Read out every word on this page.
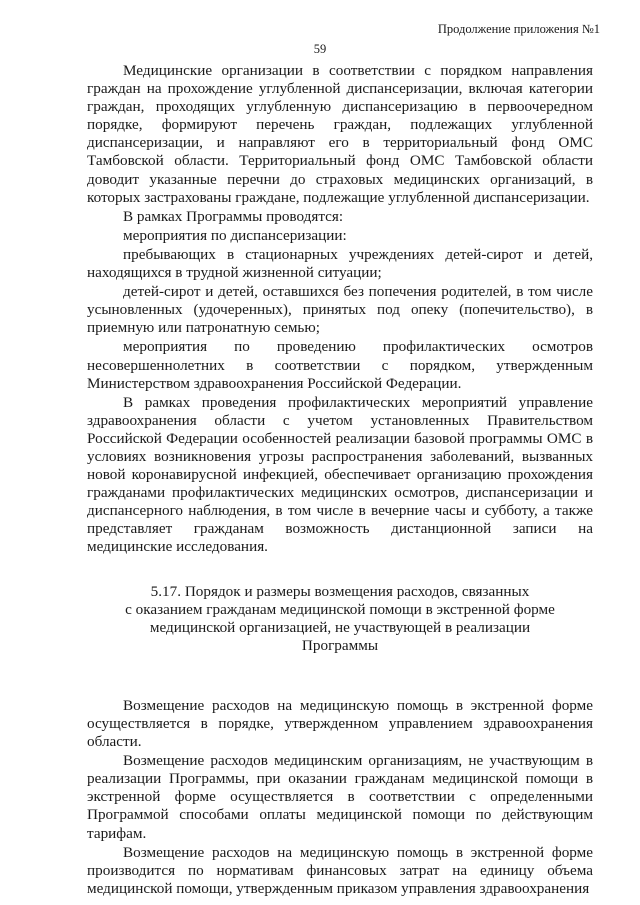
Продолжение приложения №1
59

Медицинские организации в соответствии с порядком направления граждан на прохождение углубленной диспансеризации, включая категории граждан, проходящих углубленную диспансеризацию в первоочередном порядке, формируют перечень граждан, подлежащих углубленной диспансеризации, и направляют его в территориальный фонд ОМС Тамбовской области. Территориальный фонд ОМС Тамбовской области доводит указанные перечни до страховых медицинских организаций, в которых застрахованы граждане, подлежащие углубленной диспансеризации.

В рамках Программы проводятся:

мероприятия по диспансеризации:

пребывающих в стационарных учреждениях детей-сирот и детей, находящихся в трудной жизненной ситуации;

детей-сирот и детей, оставшихся без попечения родителей, в том числе усыновленных (удочеренных), принятых под опеку (попечительство), в приемную или патронатную семью;

мероприятия по проведению профилактических осмотров несовершеннолетних в соответствии с порядком, утвержденным Министерством здравоохранения Российской Федерации.

В рамках проведения профилактических мероприятий управление здравоохранения области с учетом установленных Правительством Российской Федерации особенностей реализации базовой программы ОМС в условиях возникновения угрозы распространения заболеваний, вызванных новой коронавирусной инфекцией, обеспечивает организацию прохождения гражданами профилактических медицинских осмотров, диспансеризации и диспансерного наблюдения, в том числе в вечерние часы и субботу, а также представляет гражданам возможность дистанционной записи на медицинские исследования.

5.17. Порядок и размеры возмещения расходов, связанных
с оказанием гражданам медицинской помощи в экстренной форме
медицинской организацией, не участвующей в реализации
Программы

Возмещение расходов на медицинскую помощь в экстренной форме осуществляется в порядке, утвержденном управлением здравоохранения области.

Возмещение расходов медицинским организациям, не участвующим в реализации Программы, при оказании гражданам медицинской помощи в экстренной форме осуществляется в соответствии с определенными Программой способами оплаты медицинской помощи по действующим тарифам.

Возмещение расходов на медицинскую помощь в экстренной форме производится по нормативам финансовых затрат на единицу объема медицинской помощи, утвержденным приказом управления здравоохранения
